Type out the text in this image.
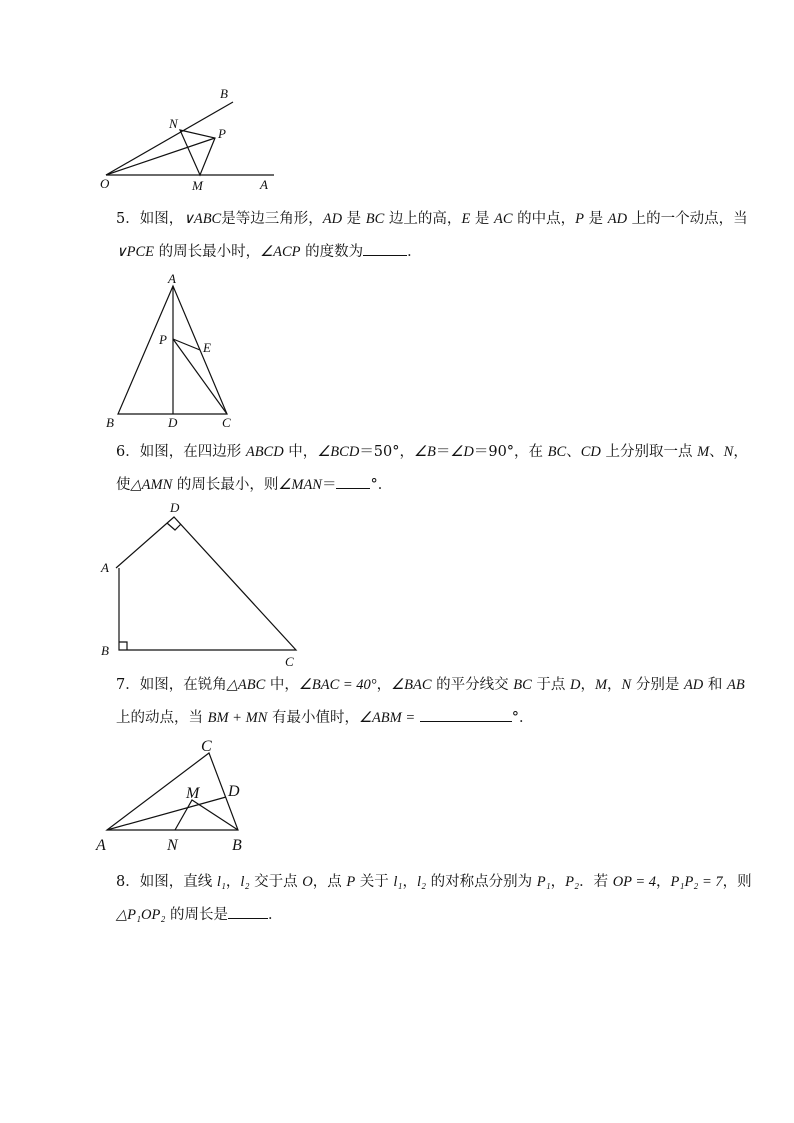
B
N
P
O	M	A

5．如图，∨ABC是等边三角形，AD 是 BC 边上的高，E 是 AC 的中点，P 是 AD 上的一个动点，当

∨PCE 的周长最小时，∠ACP 的度数为	．

A
P
E
B	D	C

6．如图，在四边形 ABCD 中，∠BCD＝50°，∠B＝∠D＝90°，在 BC、CD 上分别取一点 M、N，

使△AMN 的周长最小，则∠MAN＝ °．

D
A
B
C

7．如图，在锐角△ABC 中，∠BAC = 40°，∠BAC 的平分线交 BC 于点 D，M，N 分别是 AD 和 AB

上的动点，当 BM + MN 有最小值时，∠ABM =	°．

C
M D
A	N	B

8．如图，直线 l₁，l₂ 交于点 O，点 P 关于 l₁，l₂ 的对称点分别为 P₁，P₂．若 OP = 4，P₁P₂ = 7，则

△P₁OP₂ 的周长是	．
